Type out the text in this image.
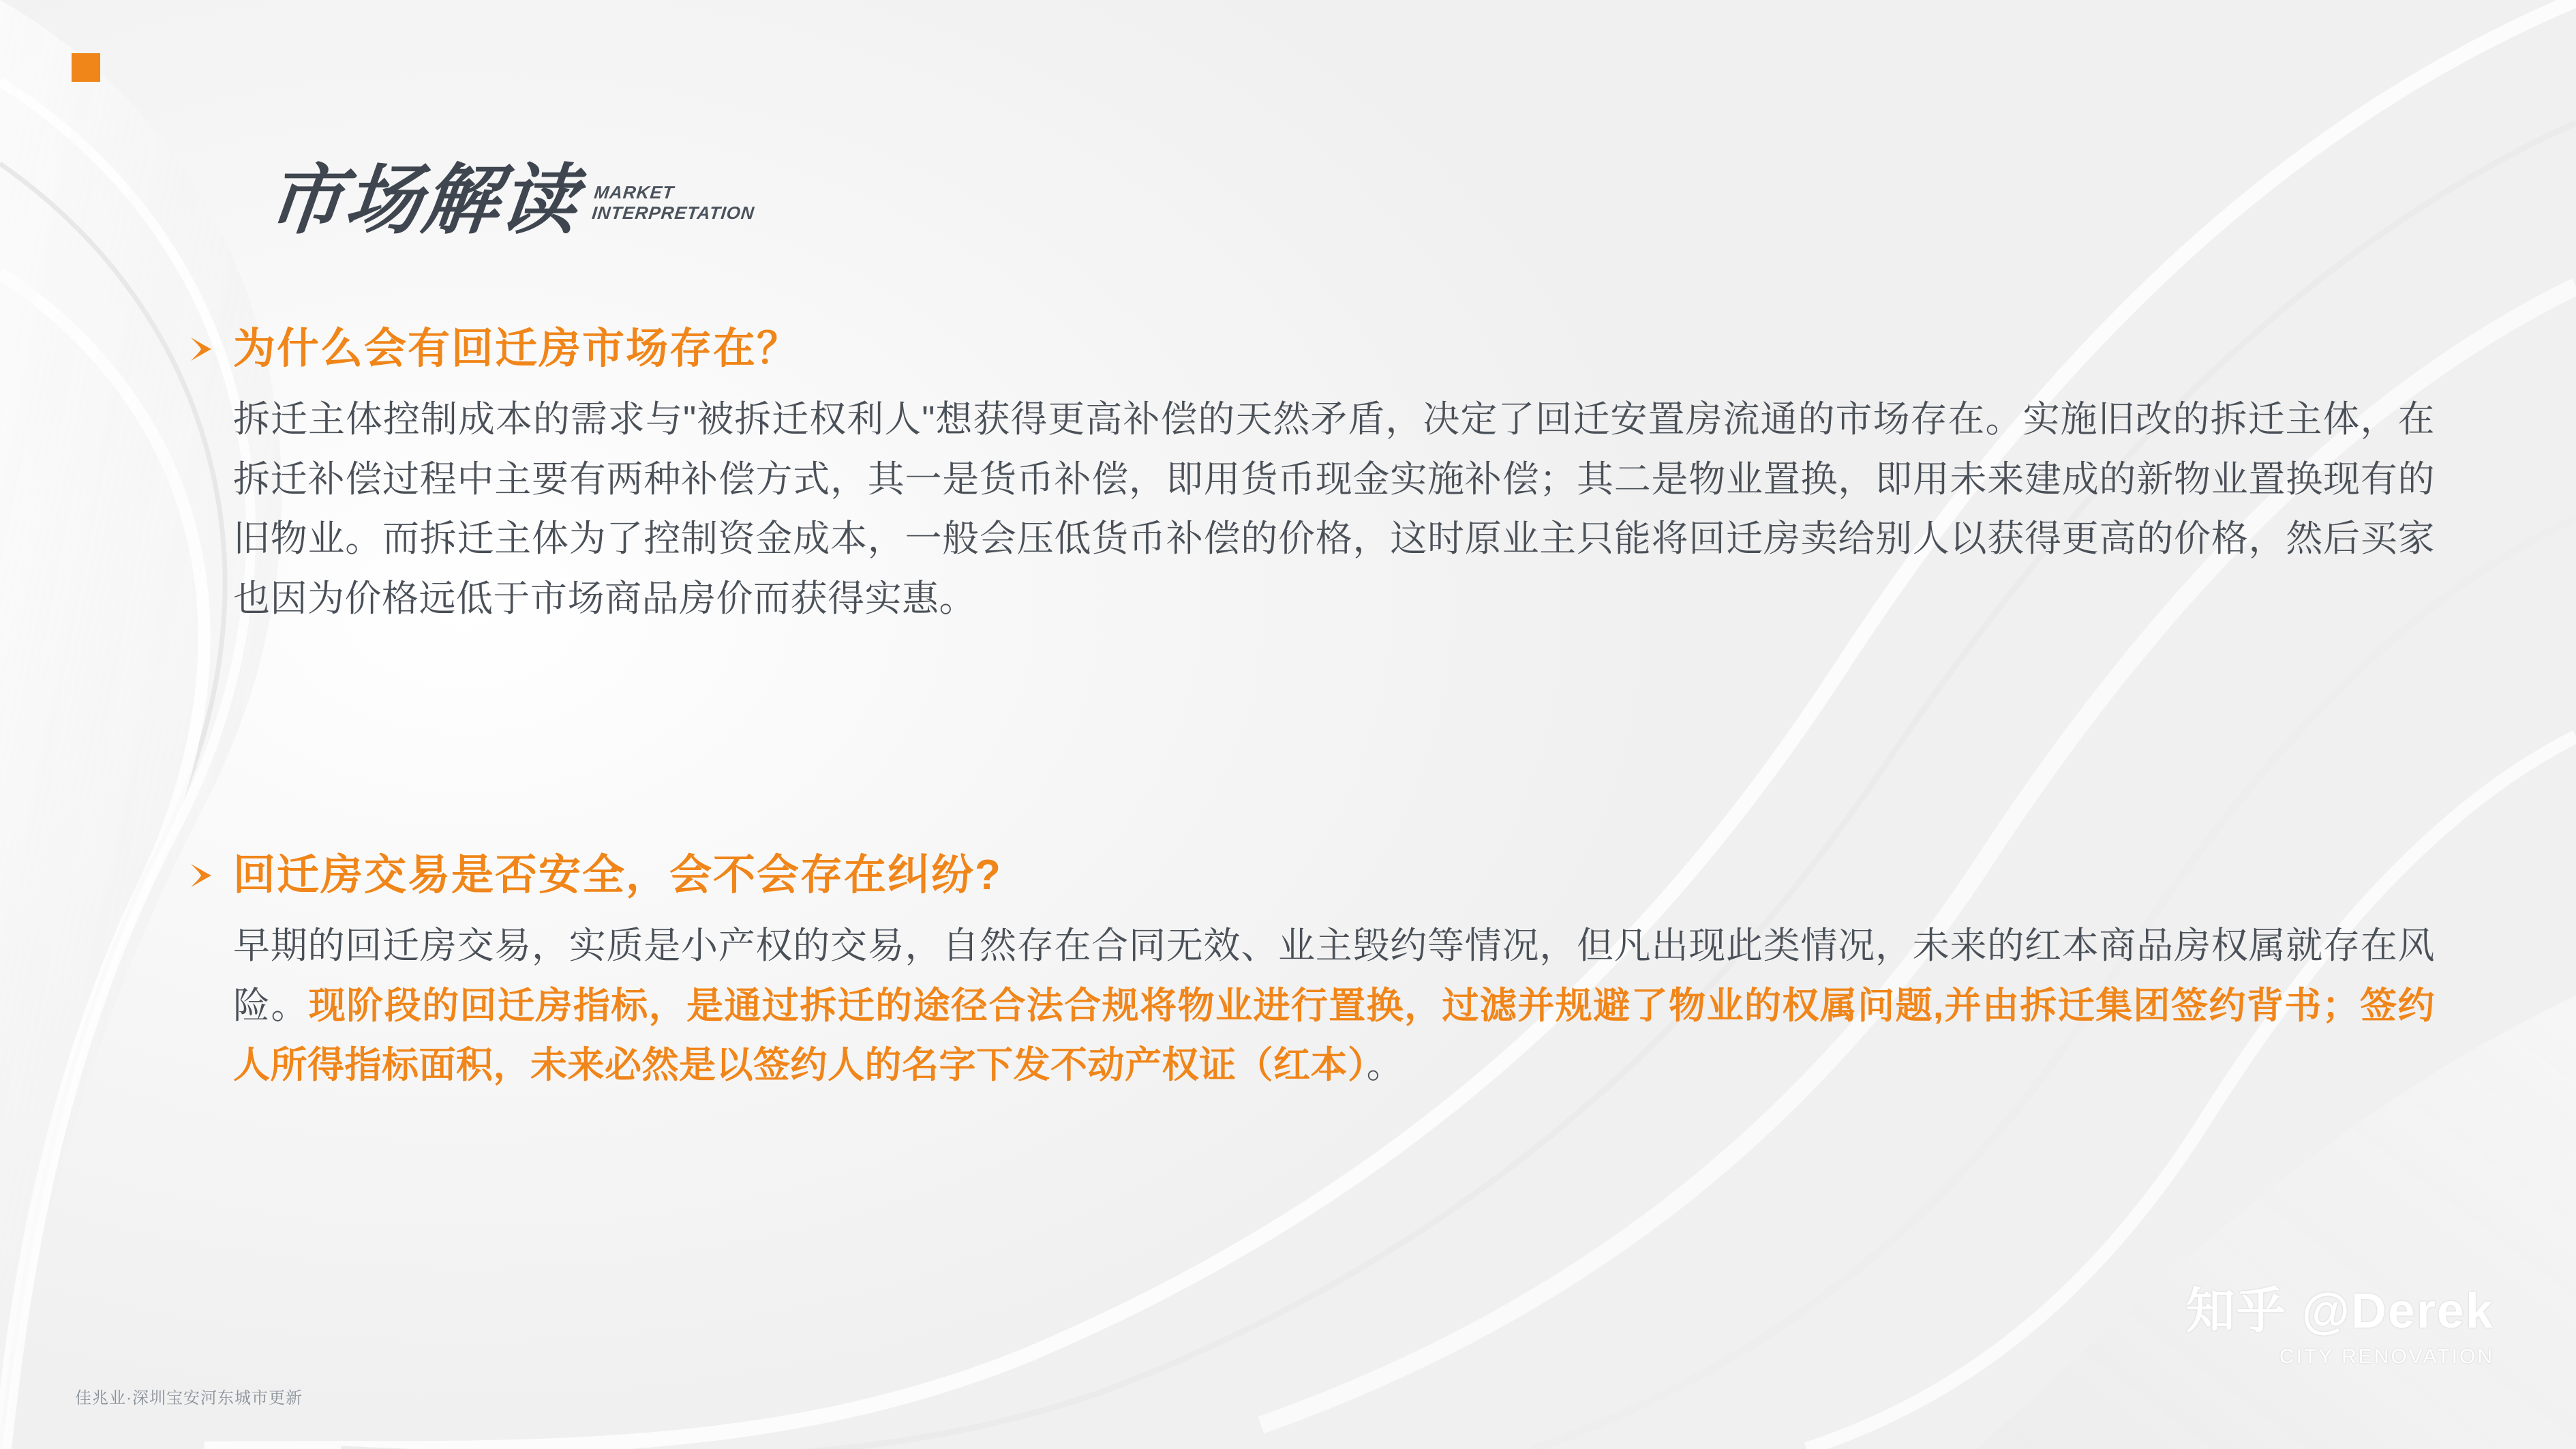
市场解读 MARKET
INTERPRETATION
为什么会有回迁房市场存在？
拆迁主体控制成本的需求与"被拆迁权利人"想获得更高补偿的天然矛盾，决定了回迁安置房流通的市场存在。实施旧改的拆迁主体，在拆迁补偿过程中主要有两种补偿方式，其一是货币补偿，即用货币现金实施补偿；其二是物业置换，即用未来建成的新物业置换现有的旧物业。而拆迁主体为了控制资金成本，一般会压低货币补偿的价格，这时原业主只能将回迁房卖给别人以获得更高的价格，然后买家也因为价格远低于市场商品房价而获得实惠。
回迁房交易是否安全，会不会存在纠纷?
早期的回迁房交易，实质是小产权的交易，自然存在合同无效、业主毁约等情况，但凡出现此类情况，未来的红本商品房权属就存在风险。现阶段的回迁房指标，是通过拆迁的途径合法合规将物业进行置换，过滤并规避了物业的权属问题,并由拆迁集团签约背书；签约人所得指标面积，未来必然是以签约人的名字下发不动产权证（红本）。
佳兆业·深圳宝安河东城市更新
知乎 @Derek
CITY RENOVATION
